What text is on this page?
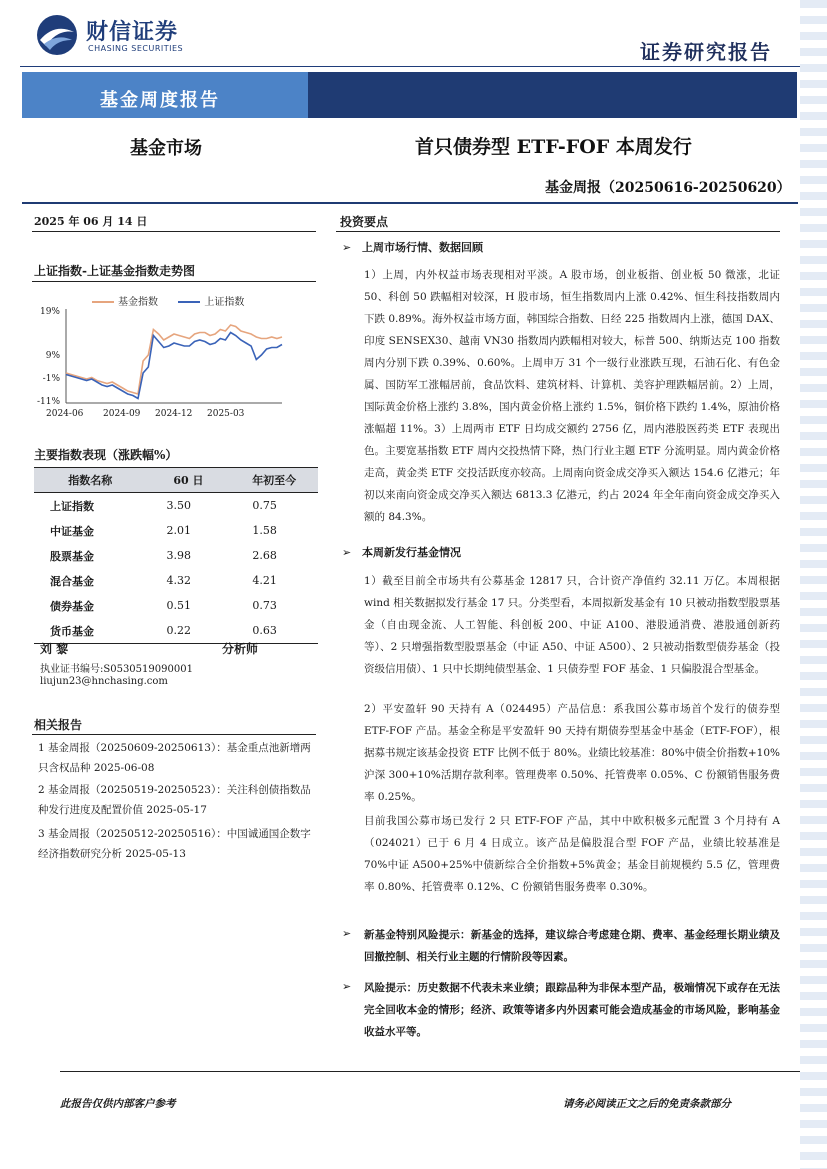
财信证券
CHASING SECURITIES	证券研究报告
基金周度报告
基金市场	首只债券型 ETF-FOF 本周发行
基金周报（20250616-20250620）
2025 年 06 月 14 日
上证指数-上证基金指数走势图
基金指数	上证指数
19%
9%
-1%
-11%
2024-06 2024-09 2024-12 2025-03
主要指数表现（涨跌幅%）
指数名称	60 日	年初至今
上证指数	3.50	0.75
中证基金	2.01	1.58
股票基金	3.98	2.68
混合基金	4.32	4.21
债券基金	0.51	0.73
货币基金	0.22	0.63
刘 黎	分析师
执业证书编号:S0530519090001
liujun23@hnchasing.com
相关报告
1 基金周报（20250609-20250613）：基金重点池新增两只含权品种 2025-06-08
2 基金周报（20250519-20250523）：关注科创债指数品种发行进度及配置价值 2025-05-17
3 基金周报（20250512-20250516）：中国诚通国企数字经济指数研究分析 2025-05-13
投资要点
➢ 上周市场行情、数据回顾
1）上周，内外权益市场表现相对平淡。A 股市场，创业板指、创业板 50 微涨，北证 50、科创 50 跌幅相对较深，H 股市场，恒生指数周内上涨 0.42%、恒生科技指数周内下跌 0.89%。海外权益市场方面，韩国综合指数、日经 225 指数周内上涨，德国 DAX、印度 SENSEX30、越南 VN30 指数周内跌幅相对较大，标普 500、纳斯达克 100 指数周内分别下跌 0.39%、0.60%。上周申万 31 个一级行业涨跌互现，石油石化、有色金属、国防军工涨幅居前，食品饮料、建筑材料、计算机、美容护理跌幅居前。2）上周，国际黄金价格上涨约 3.8%，国内黄金价格上涨约 1.5%，铜价格下跌约 1.4%，原油价格涨幅超 11%。3）上周两市 ETF 日均成交额约 2756 亿，周内港股医药类 ETF 表现出色。主要宽基指数 ETF 周内交投热情下降，热门行业主题 ETF 分流明显。周内黄金价格走高，黄金类 ETF 交投活跃度亦较高。上周南向资金成交净买入额达 154.6 亿港元；年初以来南向资金成交净买入额达 6813.3 亿港元，约占 2024 年全年南向资金成交净买入额的 84.3%。
➢ 本周新发行基金情况
1）截至目前全市场共有公募基金 12817 只，合计资产净值约 32.11 万亿。本周根据 wind 相关数据拟发行基金 17 只。分类型看，本周拟新发基金有 10 只被动指数型股票基金（自由现金流、人工智能、科创板 200、中证 A100、港股通消费、港股通创新药等）、2 只增强指数型股票基金（中证 A50、中证 A500）、2 只被动指数型债券基金（投资级信用债）、1 只中长期纯债型基金、1 只债券型 FOF 基金、1 只偏股混合型基金。
2）平安盈轩 90 天持有 A（024495）产品信息：系我国公募市场首个发行的债券型 ETF-FOF 产品。基金全称是平安盈轩 90 天持有期债券型基金中基金（ETF-FOF），根据募书规定该基金投资 ETF 比例不低于 80%。业绩比较基准：80%中债全价指数+10%沪深 300+10%活期存款利率。管理费率 0.50%、托管费率 0.05%、C 份额销售服务费率 0.25%。
目前我国公募市场已发行 2 只 ETF-FOF 产品，其中中欧积极多元配置 3 个月持有 A（024021）已于 6 月 4 日成立。该产品是偏股混合型 FOF 产品，业绩比较基准是 70%中证 A500+25%中债新综合全价指数+5%黄金；基金目前规模约 5.5 亿，管理费率 0.80%、托管费率 0.12%、C 份额销售服务费率 0.30%。
➢ 新基金特别风险提示：新基金的选择，建议综合考虑建仓期、费率、基金经理长期业绩及回撤控制、相关行业主题的行情阶段等因素。
➢ 风险提示：历史数据不代表未来业绩；跟踪品种为非保本型产品，极端情况下或存在无法完全回收本金的情形；经济、政策等诸多内外因素可能会造成基金的市场风险，影响基金收益水平等。
此报告仅供内部客户参考	请务必阅读正文之后的免责条款部分
